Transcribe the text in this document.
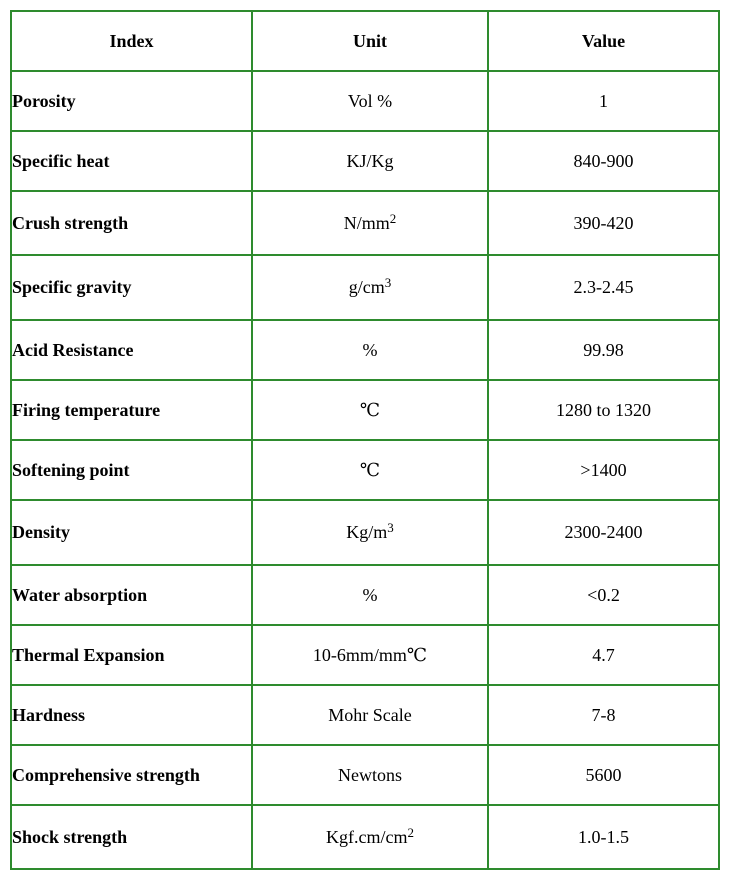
Index	Unit	Value
Porosity	Vol %	1
Specific heat	KJ/Kg	840-900
Crush strength	$N/mm^2$	390-420
Specific gravity	$g/cm^3$	2.3-2.45
Acid Resistance	%	99.98
Firing temperature	℃	1280 to 1320
Softening point	℃	>1400
Density	$Kg/m^3$	2300-2400
Water absorption	%	<0.2
Thermal Expansion	10-6mm/mm℃	4.7
Hardness	Mohr Scale	7-8
Comprehensive strength	Newtons	5600
Shock strength	$Kgf.cm/cm^2$	1.0-1.5
